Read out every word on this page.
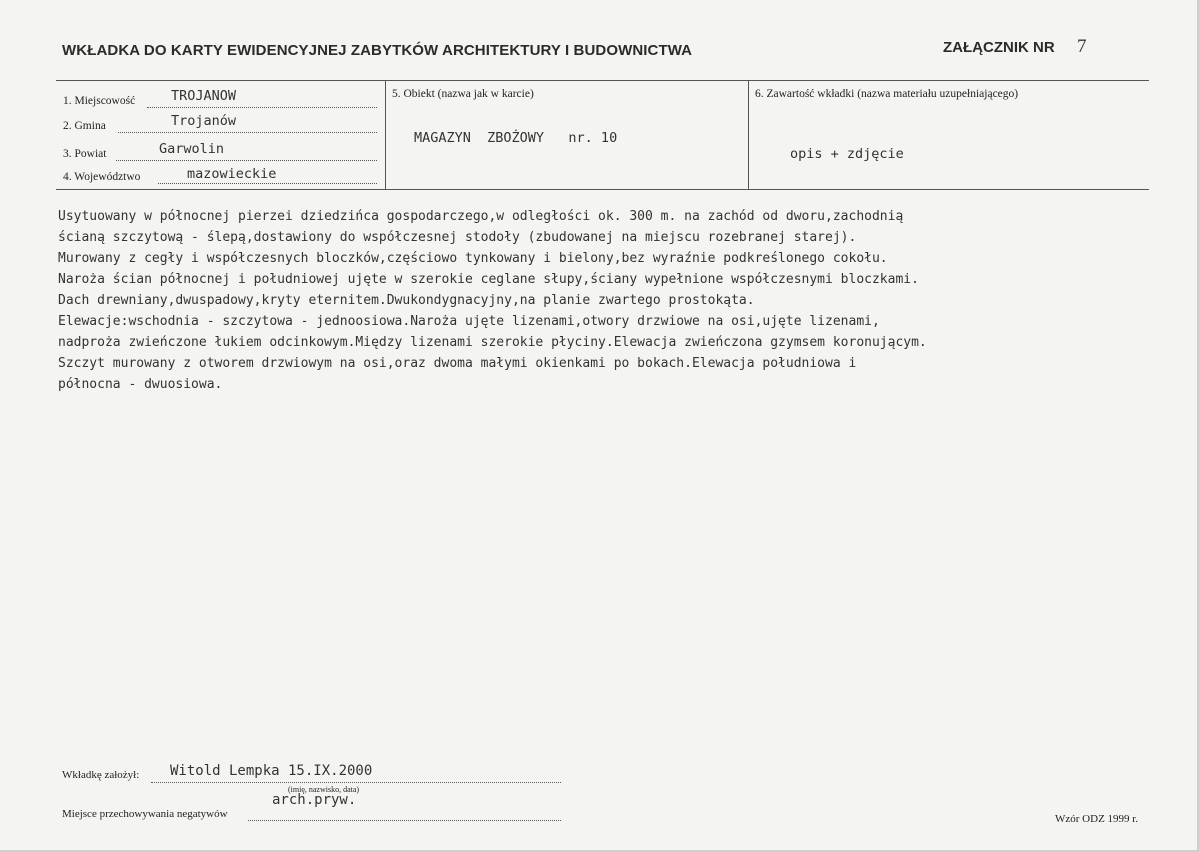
WKŁADKA DO KARTY EWIDENCYJNEJ ZABYTKÓW ARCHITEKTURY I BUDOWNICTWA	ZAŁĄCZNIK NR 7
1. Miejscowość	TROJANOW
2. Gmina	Trojanów
3. Powiat	Garwolin
4. Województwo	mazowieckie
5. Obiekt (nazwa jak w karcie)
MAGAZYN  ZBOŻOWY   nr. 10
6. Zawartość wkładki (nazwa materiału uzupełniającego)
opis + zdjęcie
Usytuowany w północnej pierzei dziedzińca gospodarczego,w odległości ok. 300 m. na zachód od dworu,zachodnią
ścianą szczytową - ślepą,dostawiony do współczesnej stodoły (zbudowanej na miejscu rozebranej starej).
Murowany z cegły i współczesnych bloczków,częściowo tynkowany i bielony,bez wyraźnie podkreślonego cokołu.
Naroża ścian północnej i południowej ujęte w szerokie ceglane słupy,ściany wypełnione współczesnymi bloczkami.
Dach drewniany,dwuspadowy,kryty eternitem.Dwukondygnacyjny,na planie zwartego prostokąta.
Elewacje:wschodnia - szczytowa - jednoosiowa.Naroża ujęte lizenami,otwory drzwiowe na osi,ujęte lizenami,
nadproża zwieńczone łukiem odcinkowym.Między lizenami szerokie płyciny.Elewacja zwieńczona gzymsem koronującym.
Szczyt murowany z otworem drzwiowym na osi,oraz dwoma małymi okienkami po bokach.Elewacja południowa i
północna - dwuosiowa.
Wkładkę założył: Witold Lempka 15.IX.2000
(imię, nazwisko, data)
Miejsce przechowywania negatywów
arch.pryw.
Wzór ODZ 1999 r.
